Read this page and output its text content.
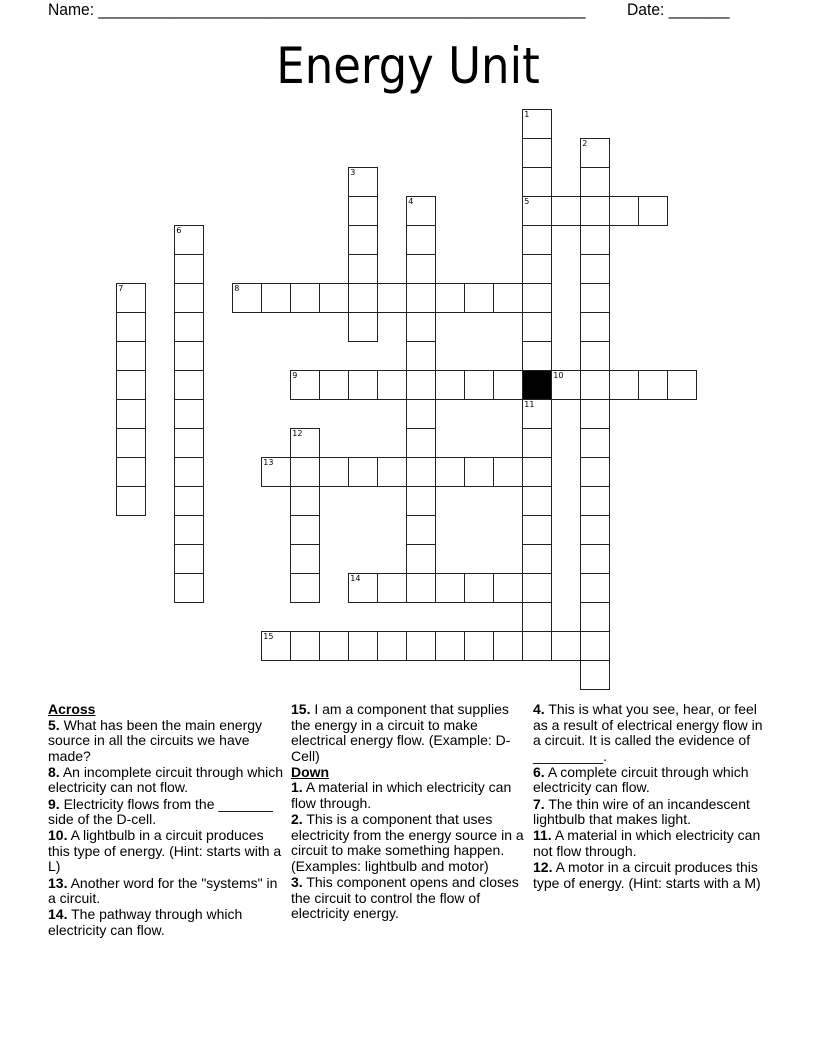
Name: ________________________________________________________ Date: _______
Energy Unit
1
5
2
3
4
6
7	8
9	10
11
12
13
14
15
Across
5. What has been the main energy source in all the circuits we have made?
8. An incomplete circuit through which electricity can not flow.
9. Electricity flows from the _______ side of the D-cell.
10. A lightbulb in a circuit produces this type of energy. (Hint: starts with a L)
13. Another word for the "systems" in a circuit.
14. The pathway through which electricity can flow.
15. I am a component that supplies the energy in a circuit to make electrical energy flow. (Example: D-Cell)
Down
1. A material in which electricity can flow through.
2. This is a component that uses electricity from the energy source in a circuit to make something happen. (Examples: lightbulb and motor)
3. This component opens and closes the circuit to control the flow of electricity energy.
4. This is what you see, hear, or feel as a result of electrical energy flow in a circuit. It is called the evidence of _________.
6. A complete circuit through which electricity can flow.
7. The thin wire of an incandescent lightbulb that makes light.
11. A material in which electricity can not flow through.
12. A motor in a circuit produces this type of energy. (Hint: starts with a M)
